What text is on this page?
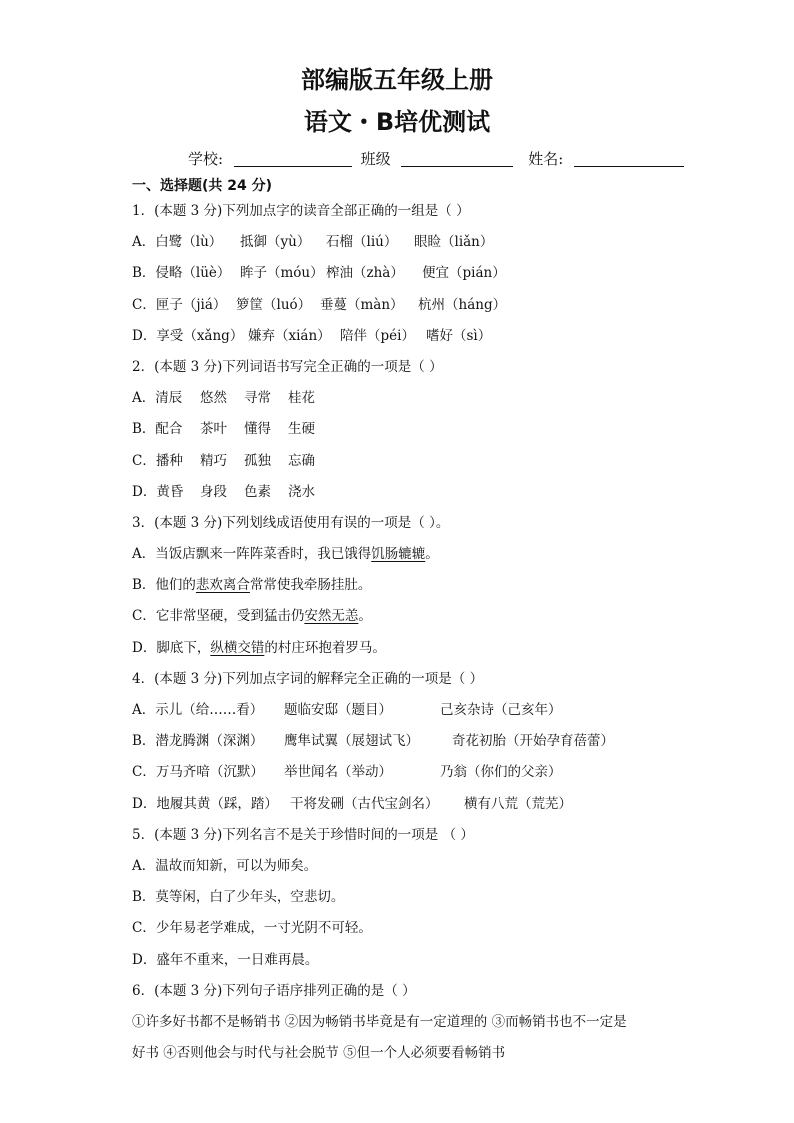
部编版五年级上册
语文・B培优测试
学校:	班级	姓名:
一、选择题(共 24 分)
1．(本题 3 分)下列加点字的读音全部正确的一组是（ ）
A．白鹭（lù） 抵御（yù） 石榴（liú） 眼睑（liǎn）
B．侵略（lüè） 眸子（móu） 榨油（zhà） 便宜（pián）
C．匣子（jiá） 箩筐（luó） 垂蔓（màn） 杭州（háng）
D．享受（xǎng） 嫌弃（xián） 陪伴（péi） 嗜好（sì）
2．(本题 3 分)下列词语书写完全正确的一项是（ ）
A．清辰 悠然 寻常 桂花
B．配合 茶叶 懂得 生硬
C．播种 精巧 孤独 忘确
D．黄昏 身段 色素 浇水
3．(本题 3 分)下列划线成语使用有误的一项是（ ）。
A．当饭店飘来一阵阵菜香时，我已饿得饥肠辘辘。
B．他们的悲欢离合常常使我牵肠挂肚。
C．它非常坚硬，受到猛击仍安然无恙。
D．脚底下，纵横交错的村庄环抱着罗马。
4．(本题 3 分)下列加点字词的解释完全正确的一项是（ ）
A．示儿（给……看） 题临安邸（题目）	己亥杂诗（己亥年）
B．潜龙腾渊（深渊） 鹰隼试翼（展翅试飞） 奇花初胎（开始孕育蓓蕾）
C．万马齐喑（沉默） 举世闻名（举动）	乃翁（你们的父亲）
D．地履其黄（踩，踏） 干将发硎（古代宝剑名） 横有八荒（荒芜）
5．(本题 3 分)下列名言不是关于珍惜时间的一项是 （ ）
A．温故而知新，可以为师矣。
B．莫等闲，白了少年头，空悲切。
C．少年易老学难成，一寸光阴不可轻。
D．盛年不重来，一日难再晨。
6．(本题 3 分)下列句子语序排列正确的是（ ）
①许多好书都不是畅销书 ②因为畅销书毕竟是有一定道理的 ③而畅销书也不一定是
好书 ④否则他会与时代与社会脱节 ⑤但一个人必须要看畅销书
